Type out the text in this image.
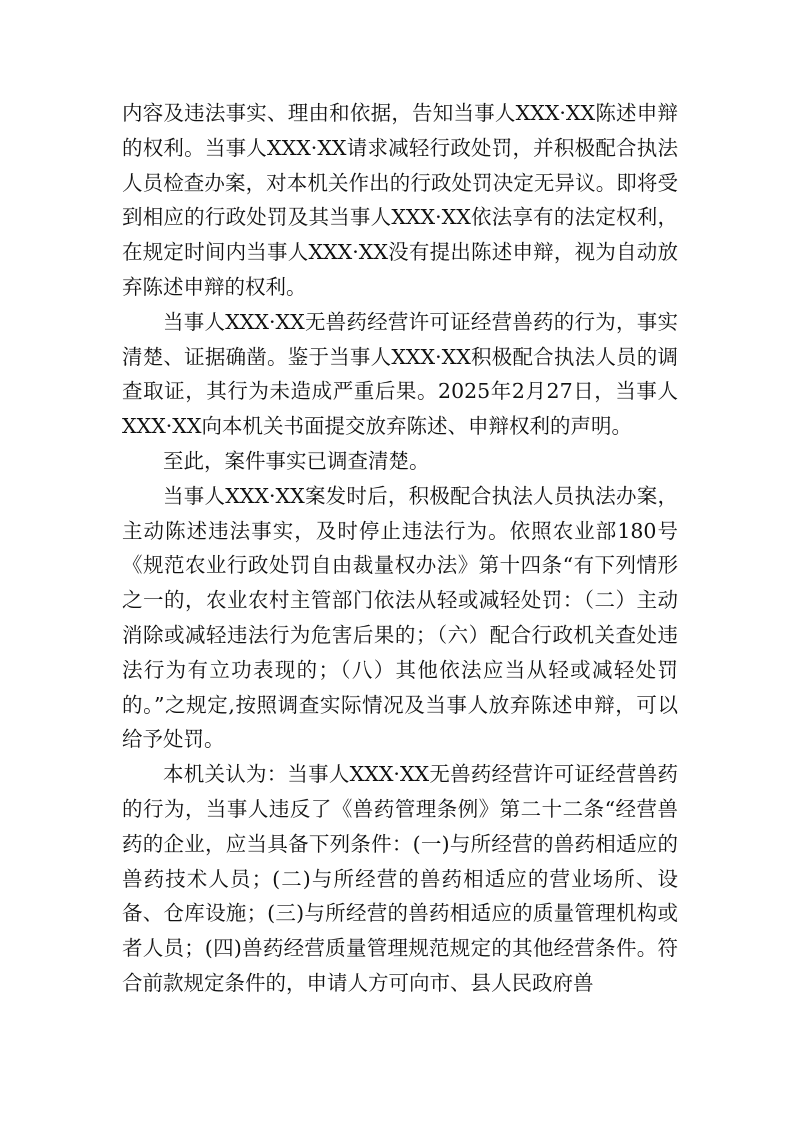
内容及违法事实、理由和依据，告知当事人XXX·XX陈述申辩的权利。当事人XXX·XX请求减轻行政处罚，并积极配合执法人员检查办案，对本机关作出的行政处罚决定无异议。即将受到相应的行政处罚及其当事人XXX·XX依法享有的法定权利，在规定时间内当事人XXX·XX没有提出陈述申辩，视为自动放弃陈述申辩的权利。

当事人XXX·XX无兽药经营许可证经营兽药的行为，事实清楚、证据确凿。鉴于当事人XXX·XX积极配合执法人员的调查取证，其行为未造成严重后果。2025年2月27日，当事人XXX·XX向本机关书面提交放弃陈述、申辩权利的声明。

至此，案件事实已调查清楚。

当事人XXX·XX案发时后，积极配合执法人员执法办案，主动陈述违法事实，及时停止违法行为。依照农业部180号《规范农业行政处罚自由裁量权办法》第十四条“有下列情形之一的，农业农村主管部门依法从轻或减轻处罚：（二）主动消除或减轻违法行为危害后果的；（六）配合行政机关查处违法行为有立功表现的；（八）其他依法应当从轻或减轻处罚的。”之规定,按照调查实际情况及当事人放弃陈述申辩，可以给予处罚。

本机关认为：当事人XXX·XX无兽药经营许可证经营兽药的行为，当事人违反了《兽药管理条例》第二十二条“经营兽药的企业，应当具备下列条件：(一)与所经营的兽药相适应的兽药技术人员；(二)与所经营的兽药相适应的营业场所、设备、仓库设施；(三)与所经营的兽药相适应的质量管理机构或者人员；(四)兽药经营质量管理规范规定的其他经营条件。符合前款规定条件的，申请人方可向市、县人民政府兽
